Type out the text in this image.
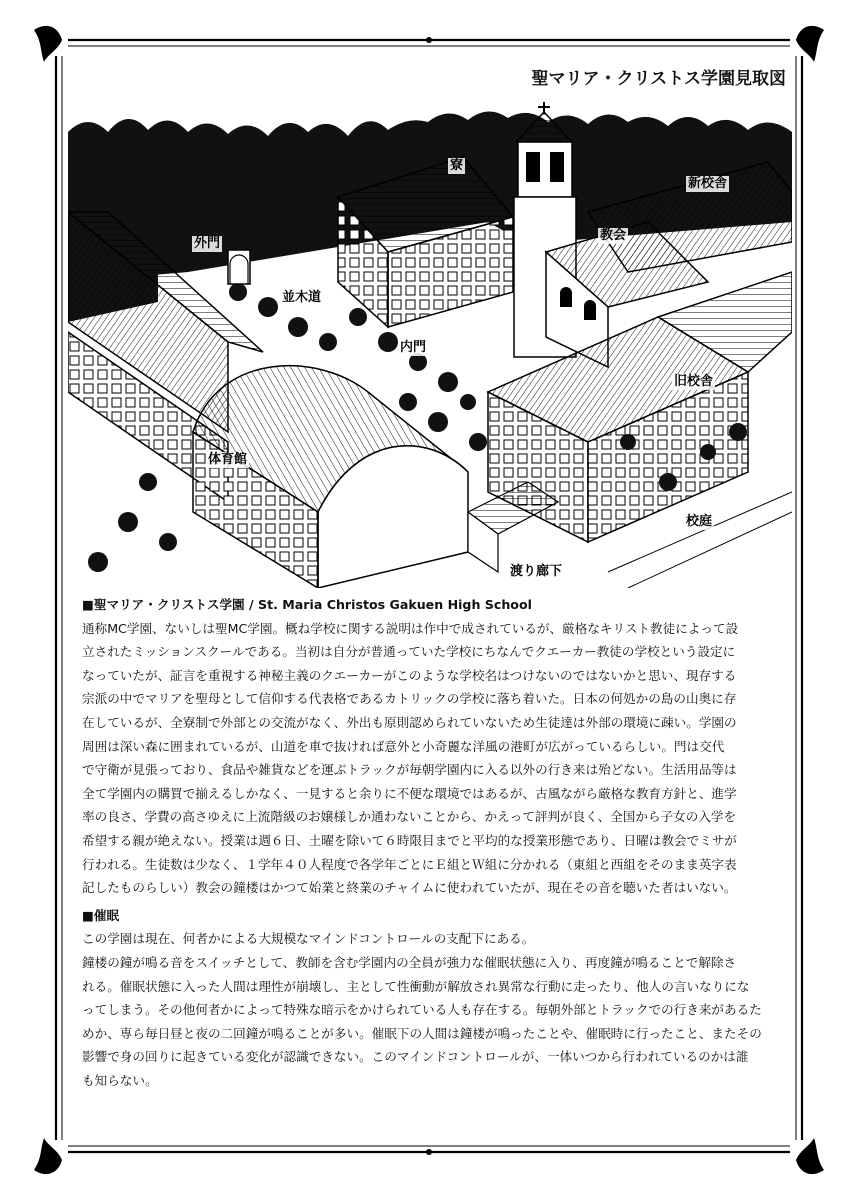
聖マリア・クリストス学園見取図
寮
新校舎
外門
教会
並木道
内門
旧校舎
体育館
校庭
渡り廊下
■聖マリア・クリストス学園 / St. Maria Christos Gakuen High School

通称MC学園、ないしは聖MC学園。概ね学校に関する説明は作中で成されているが、厳格なキリスト教徒によって設

立されたミッションスクールである。当初は自分が普通っていた学校にちなんでクエーカー教徒の学校という設定に

なっていたが、証言を重視する神秘主義のクエーカーがこのような学校名はつけないのではないかと思い、現存する

宗派の中でマリアを聖母として信仰する代表格であるカトリックの学校に落ち着いた。日本の何処かの島の山奥に存

在しているが、全寮制で外部との交流がなく、外出も原則認められていないため生徒達は外部の環境に疎い。学園の

周囲は深い森に囲まれているが、山道を車で抜ければ意外と小奇麗な洋風の港町が広がっているらしい。門は交代

で守衛が見張っており、食品や雑貨などを運ぶトラックが毎朝学園内に入る以外の行き来は殆どない。生活用品等は

全て学園内の購買で揃えるしかなく、一見すると余りに不便な環境ではあるが、古風ながら厳格な教育方針と、進学

率の良さ、学費の高さゆえに上流階級のお嬢様しか通わないことから、かえって評判が良く、全国から子女の入学を

希望する親が絶えない。授業は週６日、土曜を除いて６時限目までと平均的な授業形態であり、日曜は教会でミサが

行われる。生徒数は少なく、１学年４０人程度で各学年ごとにＥ組とＷ組に分かれる（東組と西組をそのまま英字表

記したものらしい）教会の鐘楼はかつて始業と終業のチャイムに使われていたが、現在その音を聴いた者はいない。

■催眠

この学園は現在、何者かによる大規模なマインドコントロールの支配下にある。

鐘楼の鐘が鳴る音をスイッチとして、教師を含む学園内の全員が強力な催眠状態に入り、再度鐘が鳴ることで解除さ

れる。催眠状態に入った人間は理性が崩壊し、主として性衝動が解放され異常な行動に走ったり、他人の言いなりにな

ってしまう。その他何者かによって特殊な暗示をかけられている人も存在する。毎朝外部とトラックでの行き来があるた

めか、専ら毎日昼と夜の二回鐘が鳴ることが多い。催眠下の人間は鐘楼が鳴ったことや、催眠時に行ったこと、またその

影響で身の回りに起きている変化が認識できない。このマインドコントロールが、一体いつから行われているのかは誰

も知らない。
